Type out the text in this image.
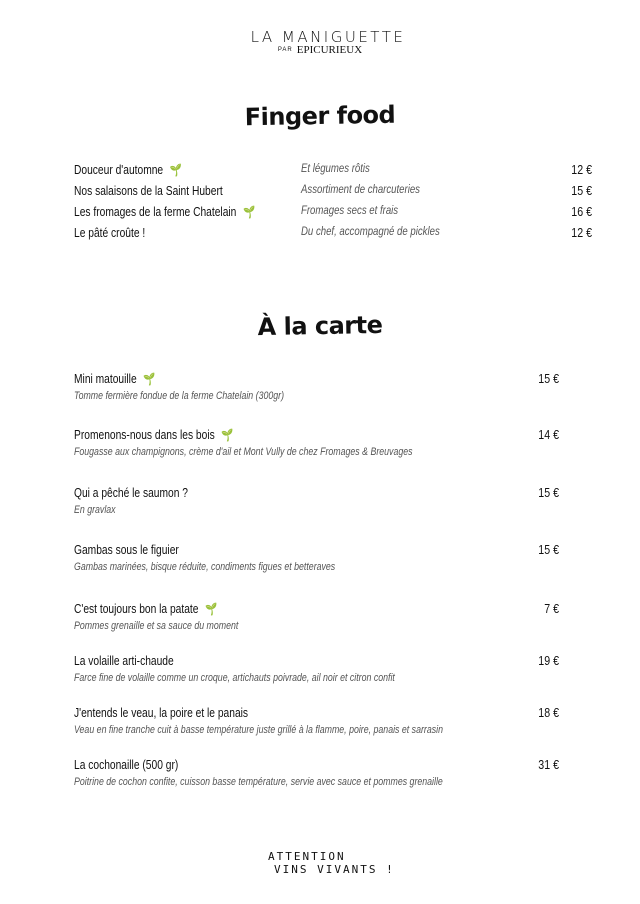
LA MANIGUETTE
PAR EPICURIEUX
Finger food
Douceur d'automne 🌱	Et légumes rôtis	12 €
Nos salaisons de la Saint Hubert	Assortiment de charcuteries	15 €
Les fromages de la ferme Chatelain 🌱	Fromages secs et frais	16 €
Le pâté croûte !	Du chef, accompagné de pickles	12 €
À la carte
Mini matouille 🌱
Tomme fermière fondue de la ferme Chatelain (300gr)
15 €
Promenons-nous dans les bois 🌱
Fougasse aux champignons, crème d'ail et Mont Vully de chez Fromages & Breuvages
14 €
Qui a pêché le saumon ?
En gravlax
15 €
Gambas sous le figuier
Gambas marinées, bisque réduite, condiments figues et betteraves
15 €
C'est toujours bon la patate 🌱
Pommes grenaille et sa sauce du moment
7 €
La volaille arti-chaude
Farce fine de volaille comme un croque, artichauts poivrade, ail noir et citron confit
19 €
J'entends le veau, la poire et le panais
Veau en fine tranche cuit à basse température juste grillé à la flamme, poire, panais et sarrasin
18 €
La cochonaille (500 gr)
Poitrine de cochon confite, cuisson basse température, servie avec sauce et pommes grenaille
31 €
ATTENTION
VINS VIVANTS !
